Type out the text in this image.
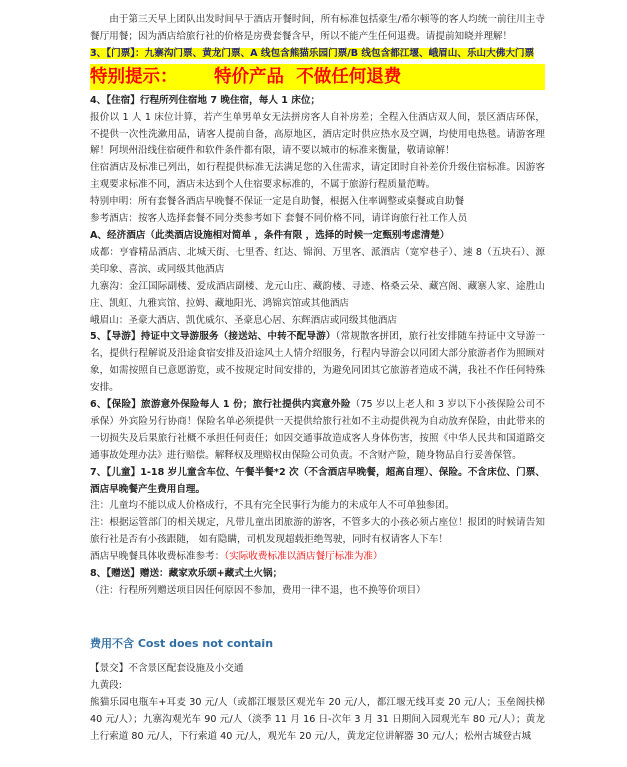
由于第三天早上团队出发时间早于酒店开餐时间，所有标准包括豪生/希尔顿等的客人均统一前往川主寺餐厅用餐；因为酒店给旅行社的价格是房费套餐含早，所以不能产生任何退费。请提前知晓并理解！

3、【门票】：九寨沟门票、黄龙门票、A 线包含熊猫乐园门票/B 线包含都江堰、峨眉山、乐山大佛大门票

特别提示： 特价产品  不做任何退费

4、【住宿】行程所列住宿地 7 晚住宿，每人 1 床位；

报价以 1 人 1 床位计算，若产生单男单女无法拼房客人自补房差；全程入住酒店双人间，景区酒店环保，不提供一次性洗漱用品，请客人提前自备，高原地区，酒店定时供应热水及空调，均使用电热毯。请游客理解！阿坝州沿线住宿硬件和软件条件都有限，请不要以城市的标准来衡量，敬请谅解！

住宿酒店及标准已列出，如行程提供标准无法满足您的入住需求，请定团时自补差价升级住宿标准。因游客主观要求标准不同，酒店未达到个人住宿要求标准的，不属于旅游行程质量范畴。

特别申明：所有套餐各酒店早晚餐不保证一定是自助餐，根据入住率调整或桌餐或自助餐

参考酒店：按客人选择套餐不同分类参考如下 套餐不同价格不同，请详询旅行社工作人员

A、经济酒店（此类酒店设施相对简单 ，条件有限 ，选择的时候一定甄别考虑清楚）

成都：亨睿精品酒店、北城天街、七里香、红达、锦润、万里客、派酒店（宽窄巷子）、速 8（五块石）、源美印象、喜滨、或同级其他酒店

九寨沟：金江国际副楼、爱成酒店副楼、龙元山庄、藏韵楼、寻迹、格桑云朵、藏宫阁、藏寨人家、途胜山庄、凯虹、九雅宾馆、拉姆、藏地阳光、鸿锦宾馆或其他酒店

峨眉山：圣豪大酒店、凯优威尔、圣豪息心居、东辉酒店或同级其他酒店

5、【导游】持证中文导游服务（接送站、中转不配导游）（常规散客拼团，旅行社安排随车持证中文导游一名，提供行程解说及沿途食宿安排及沿途风土人情介绍服务，行程内导游会以同团大部分旅游者作为照顾对象，如需按照自已意愿游览，或不按规定时间安排的，为避免同团其它旅游者造成不满，我社不作任何特殊安排。

6、【保险】旅游意外保险每人 1 份；旅行社提供内宾意外险（75 岁以上老人和 3 岁以下小孩保险公司不承保）外宾险另行协商！保险名单必须提供一天提供给旅行社如不主动提供视为自动放弃保险，由此带来的一切损失及后果旅行社概不承担任何责任；如因交通事故造成客人身体伤害，按照《中华人民共和国道路交通事故处理办法》进行赔偿。解释权及理赔权由保险公司负责。不含财产险，随身物品自行妥善保管。

7、【儿童】1-18 岁儿童含车位、午餐半餐*2 次（不含酒店早晚餐，超高自理）、保险。不含床位、门票、酒店早晚餐产生费用自理。

注：儿童均不能以成人价格成行，不具有完全民事行为能力的未成年人不可单独参团。

注：根据运管部门的相关规定，凡带儿童出团旅游的游客，不管多大的小孩必须占座位！报团的时候请告知旅行社是否有小孩跟随， 如有隐瞒，司机发现超载拒绝驾驶，同时有权请客人下车！

酒店早晚餐具体收费标准参考：（实际收费标准以酒店餐厅标准为准）

8、【赠送】赠送：藏家欢乐颂+藏式土火锅；

（注：行程所列赠送项目因任何原因不参加，费用一律不退，也不换等价项目）

费用不含 Cost does not contain

【景交】不含景区配套设施及小交通

九黄段:

熊猫乐园电瓶车+耳麦 30 元/人（或都江堰景区观光车 20 元/人，都江堰无线耳麦 20 元/人；玉垒阁扶梯 40 元/人）；九寨沟观光车 90 元/人（淡季 11 月 16 日-次年 3 月 31 日期间入园观光车 80 元/人）；黄龙上行索道 80 元/人，下行索道 40 元/人，观光车 20 元/人，黄龙定位讲解器 30 元/人；松州古城登古城
